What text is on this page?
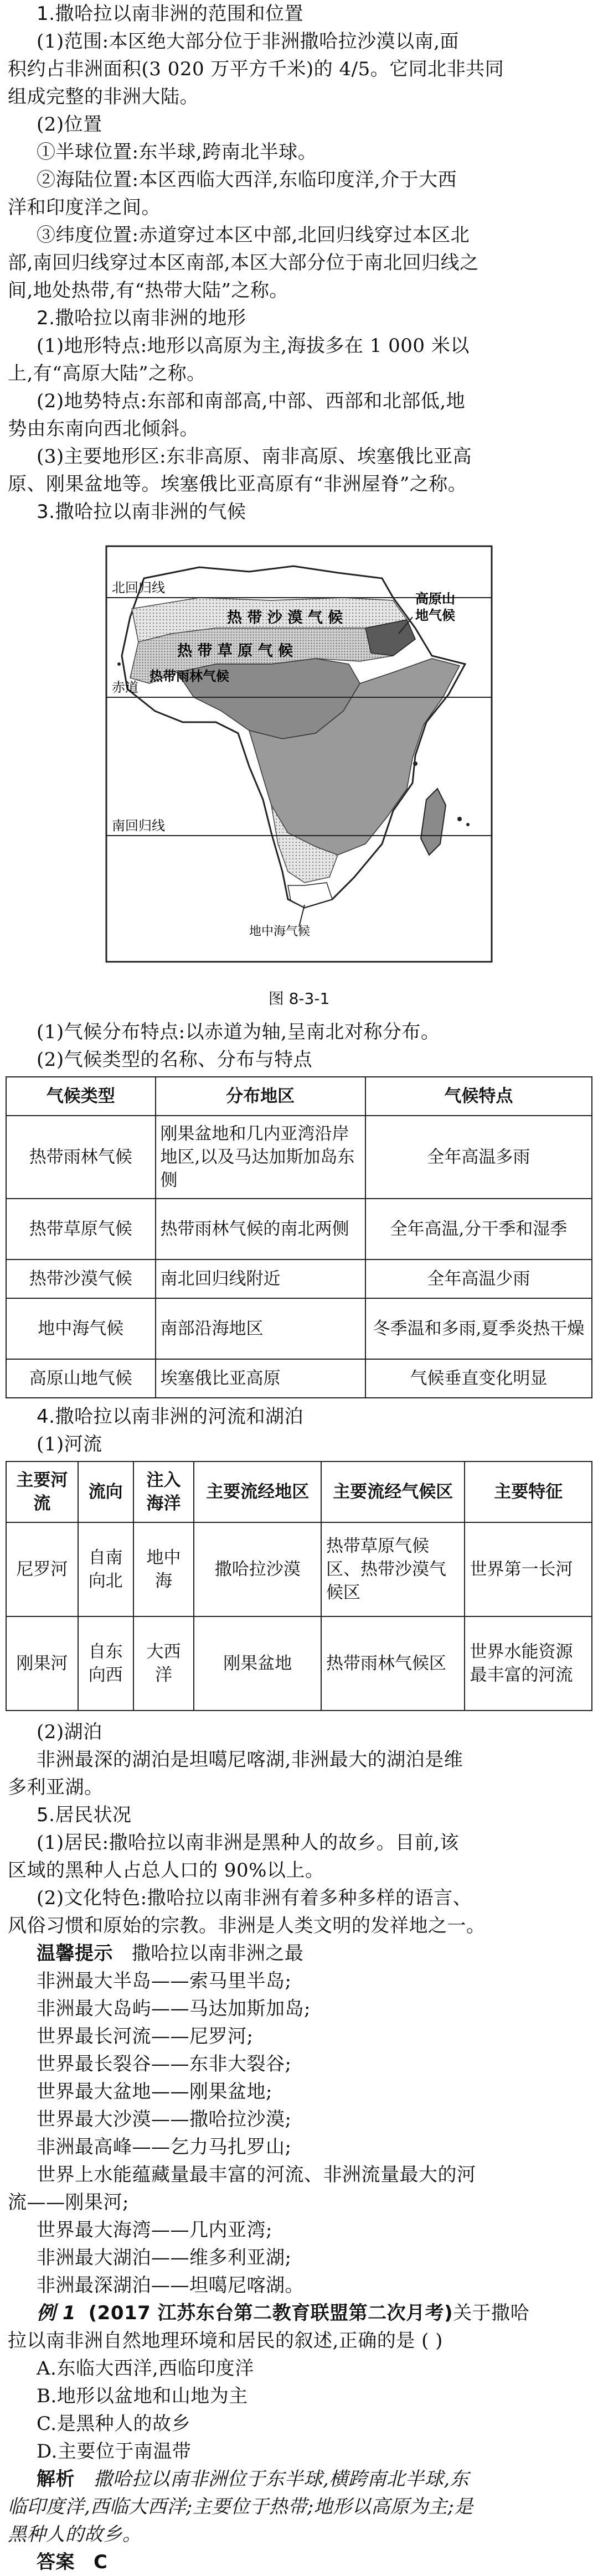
1.撒哈拉以南非洲的范围和位置
(1)范围:本区绝大部分位于非洲撒哈拉沙漠以南,面
积约占非洲面积(3 020 万平方千米)的 4/5。它同北非共同
组成完整的非洲大陆。
(2)位置
①半球位置:东半球,跨南北半球。
②海陆位置:本区西临大西洋,东临印度洋,介于大西
洋和印度洋之间。
③纬度位置:赤道穿过本区中部,北回归线穿过本区北
部,南回归线穿过本区南部,本区大部分位于南北回归线之
间,地处热带,有“热带大陆”之称。
2.撒哈拉以南非洲的地形
(1)地形特点:地形以高原为主,海拔多在 1 000 米以
上,有“高原大陆”之称。
(2)地势特点:东部和南部高,中部、西部和北部低,地
势由东南向西北倾斜。
(3)主要地形区:东非高原、南非高原、埃塞俄比亚高
原、刚果盆地等。埃塞俄比亚高原有“非洲屋脊”之称。
3.撒哈拉以南非洲的气候
北回归线
赤道
南回归线
热 带 沙 漠 气 候
热 带 草 原 气 候
热带雨林气候
高原山
地气候
地中海气候
图 8-3-1
(1)气候分布特点:以赤道为轴,呈南北对称分布。
(2)气候类型的名称、分布与特点
气候类型	分布地区	气候特点
热带雨林气候	刚果盆地和几内亚湾沿岸地区,以及马达加斯加岛东侧	全年高温多雨
热带草原气候	热带雨林气候的南北两侧	全年高温,分干季和湿季
热带沙漠气候	南北回归线附近	全年高温少雨
地中海气候	南部沿海地区	冬季温和多雨,夏季炎热干燥
高原山地气候	埃塞俄比亚高原	气候垂直变化明显
4.撒哈拉以南非洲的河流和湖泊
(1)河流
主要河流	流向	注入海洋	主要流经地区	主要流经气候区	主要特征
尼罗河	自南向北	地中海	撒哈拉沙漠	热带草原气候区、热带沙漠气候区	世界第一长河
刚果河	自东向西	大西洋	刚果盆地	热带雨林气候区	世界水能资源最丰富的河流
(2)湖泊
非洲最深的湖泊是坦噶尼喀湖,非洲最大的湖泊是维
多利亚湖。
5.居民状况
(1)居民:撒哈拉以南非洲是黑种人的故乡。目前,该
区域的黑种人占总人口的 90%以上。
(2)文化特色:撒哈拉以南非洲有着多种多样的语言、
风俗习惯和原始的宗教。非洲是人类文明的发祥地之一。
温馨提示 撒哈拉以南非洲之最
非洲最大半岛——索马里半岛;
非洲最大岛屿——马达加斯加岛;
世界最长河流——尼罗河;
世界最长裂谷——东非大裂谷;
世界最大盆地——刚果盆地;
世界最大沙漠——撒哈拉沙漠;
非洲最高峰——乞力马扎罗山;
世界上水能蕴藏量最丰富的河流、非洲流量最大的河
流——刚果河;
世界最大海湾——几内亚湾;
非洲最大湖泊——维多利亚湖;
非洲最深湖泊——坦噶尼喀湖。
例 1 (2017 江苏东台第二教育联盟第二次月考)关于撒哈
拉以南非洲自然地理环境和居民的叙述,正确的是 ( )
A.东临大西洋,西临印度洋
B.地形以盆地和山地为主
C.是黑种人的故乡
D.主要位于南温带
解析 撒哈拉以南非洲位于东半球,横跨南北半球,东
临印度洋,西临大西洋;主要位于热带;地形以高原为主;是
黑种人的故乡。
答案 C
